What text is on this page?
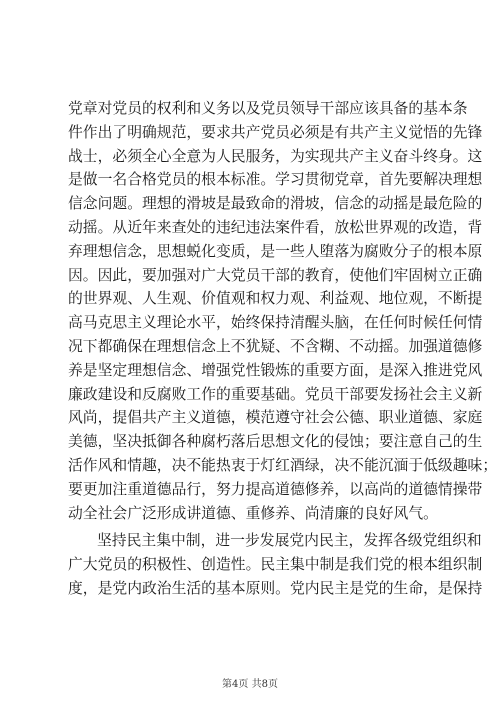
党章对党员的权利和义务以及党员领导干部应该具备的基本条
件作出了明确规范，要求共产党员必须是有共产主义觉悟的先锋
战士，必须全心全意为人民服务，为实现共产主义奋斗终身。这
是做一名合格党员的根本标准。学习贯彻党章，首先要解决理想
信念问题。理想的滑坡是最致命的滑坡，信念的动摇是最危险的
动摇。从近年来查处的违纪违法案件看，放松世界观的改造，背
弃理想信念，思想蜕化变质，是一些人堕落为腐败分子的根本原
因。因此，要加强对广大党员干部的教育，使他们牢固树立正确
的世界观、人生观、价值观和权力观、利益观、地位观，不断提
高马克思主义理论水平，始终保持清醒头脑，在任何时候任何情
况下都确保在理想信念上不犹疑、不含糊、不动摇。加强道德修
养是坚定理想信念、增强党性锻炼的重要方面，是深入推进党风
廉政建设和反腐败工作的重要基础。党员干部要发扬社会主义新
风尚，提倡共产主义道德，模范遵守社会公德、职业道德、家庭
美德，坚决抵御各种腐朽落后思想文化的侵蚀；要注意自己的生
活作风和情趣，决不能热衷于灯红酒绿，决不能沉湎于低级趣味；
要更加注重道德品行，努力提高道德修养，以高尚的道德情操带
动全社会广泛形成讲道德、重修养、尚清廉的良好风气。
坚持民主集中制，进一步发展党内民主，发挥各级党组织和
广大党员的积极性、创造性。民主集中制是我们党的根本组织制
度，是党内政治生活的基本原则。党内民主是党的生命，是保持
第4页 共8页
